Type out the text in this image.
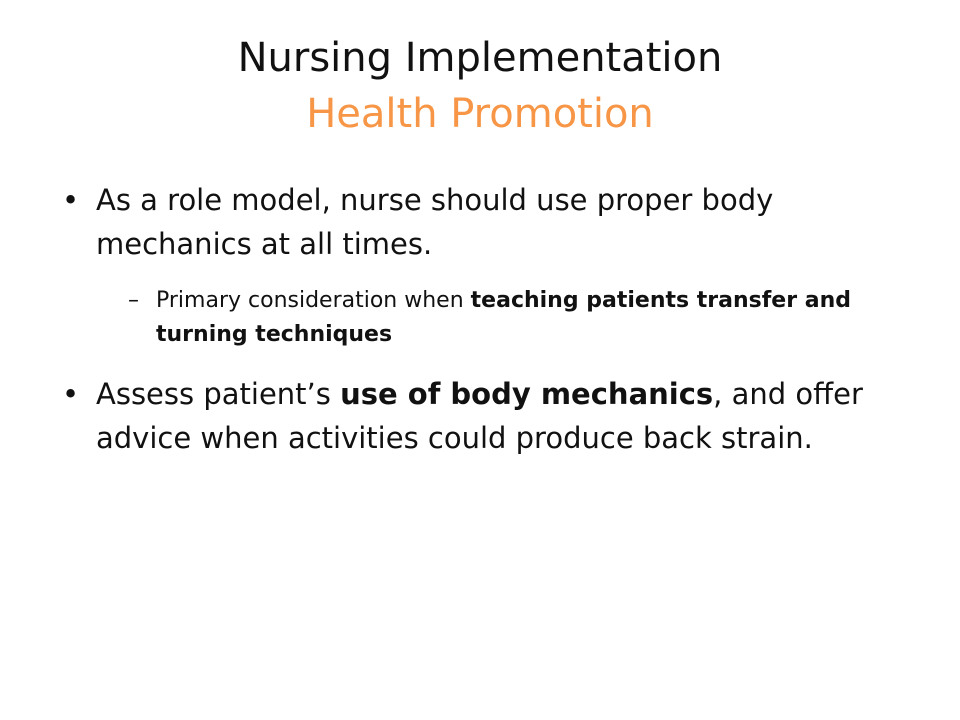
Nursing Implementation

Health Promotion

• As a role model, nurse should use proper body mechanics at all times.

– Primary consideration when teaching patients transfer and turning techniques

• Assess patient’s use of body mechanics, and offer advice when activities could produce back strain.
